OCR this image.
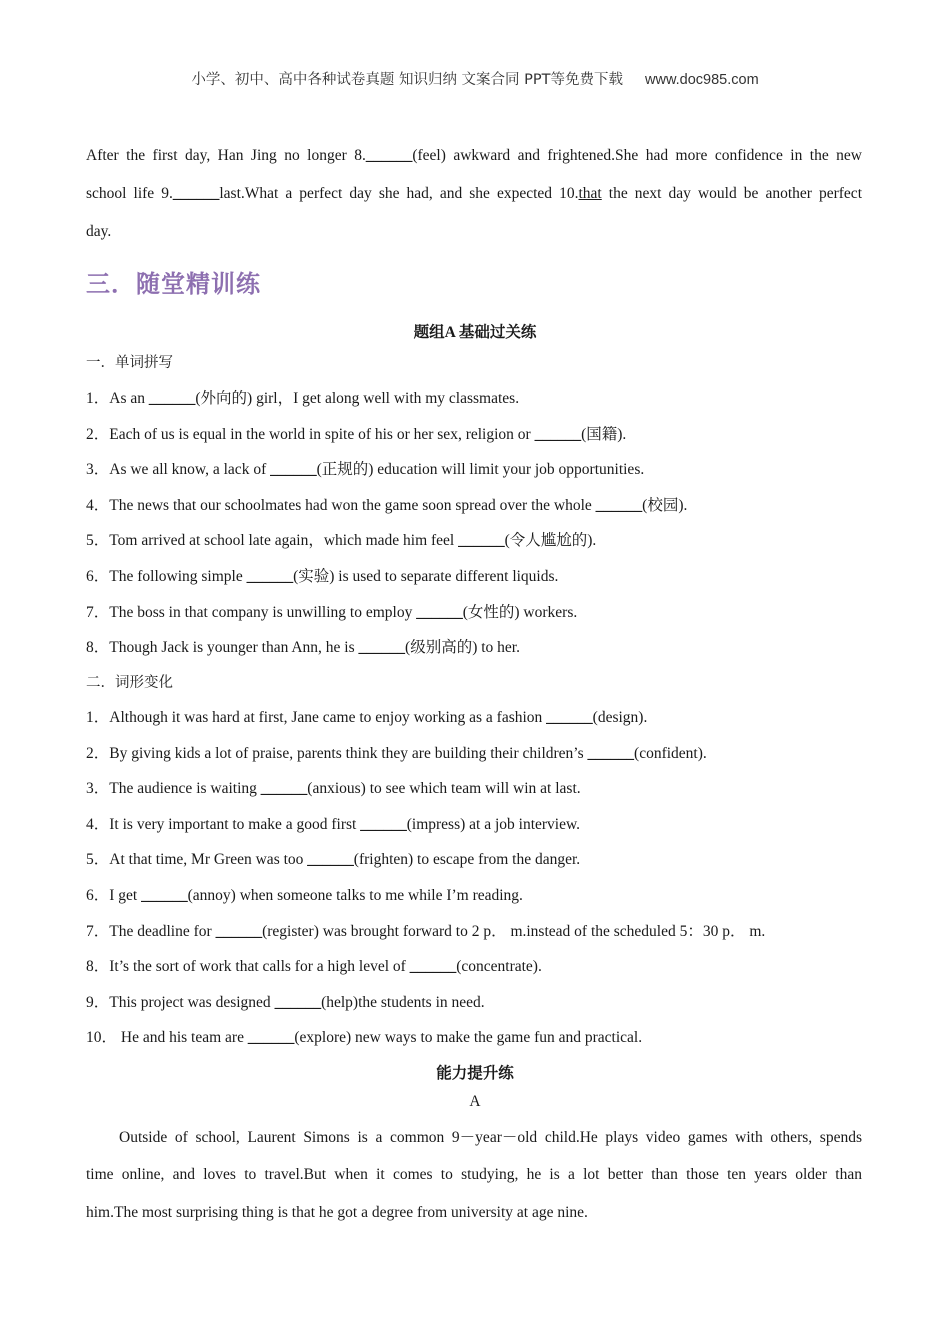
小学、初中、高中各种试卷真题 知识归纳 文案合同 PPT等免费下载 www.doc985.com
After the first day, Han Jing no longer 8.______(feel) awkward and frightened.She had more confidence in the new
school life 9.______last.What a perfect day she had, and she expected 10.that the next day would be another perfect
day.
三．随堂精训练
题组A 基础过关练
一．单词拼写
1．As an ______(外向的) girl，I get along well with my classmates.
2．Each of us is equal in the world in spite of his or her sex, religion or ______(国籍).
3．As we all know, a lack of ______(正规的) education will limit your job opportunities.
4．The news that our schoolmates had won the game soon spread over the whole ______(校园).
5．Tom arrived at school late again，which made him feel ______(令人尴尬的).
6．The following simple ______(实验) is used to separate different liquids.
7．The boss in that company is unwilling to employ ______(女性的) workers.
8．Though Jack is younger than Ann, he is ______(级别高的) to her.
二．词形变化
1．Although it was hard at first, Jane came to enjoy working as a fashion ______(design).
2．By giving kids a lot of praise, parents think they are building their children’s ______(confident).
3．The audience is waiting ______(anxious) to see which team will win at last.
4．It is very important to make a good first ______(impress) at a job interview.
5．At that time, Mr Green was too ______(frighten) to escape from the danger.
6．I get ______(annoy) when someone talks to me while I’m reading.
7．The deadline for ______(register) was brought forward to 2 p． m.instead of the scheduled 5：30 p． m.
8．It’s the sort of work that calls for a high level of ______(concentrate).
9．This project was designed ______(help)the students in need.
10． He and his team are ______(explore) new ways to make the game fun and practical.
能力提升练
A
Outside of school, Laurent Simons is a common 9－year－old child.He plays video games with others, spends
time online, and loves to travel.But when it comes to studying, he is a lot better than those ten years older than
him.The most surprising thing is that he got a degree from university at age nine.
